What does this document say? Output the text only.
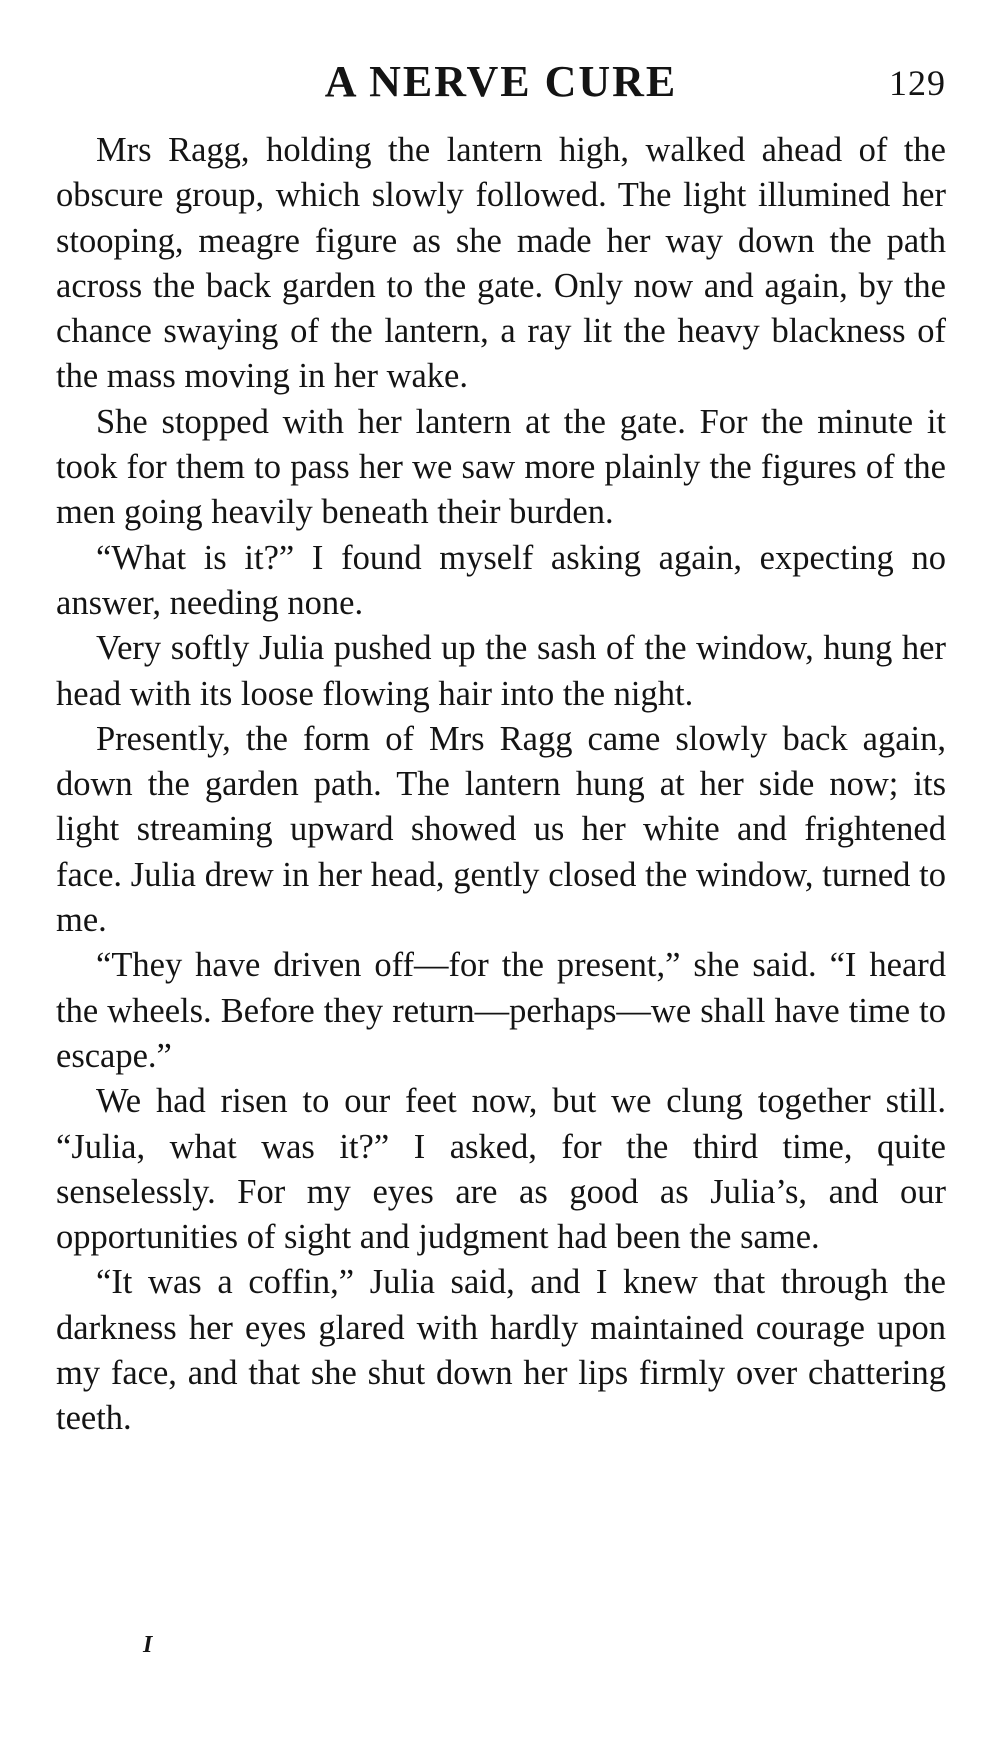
A NERVE CURE	129

Mrs Ragg, holding the lantern high, walked ahead of the obscure group, which slowly followed. The light illumined her stooping, meagre figure as she made her way down the path across the back garden to the gate. Only now and again, by the chance swaying of the lantern, a ray lit the heavy blackness of the mass moving in her wake.

She stopped with her lantern at the gate. For the minute it took for them to pass her we saw more plainly the figures of the men going heavily beneath their burden.

“What is it?” I found myself asking again, expecting no answer, needing none.

Very softly Julia pushed up the sash of the window, hung her head with its loose flowing hair into the night.

Presently, the form of Mrs Ragg came slowly back again, down the garden path. The lantern hung at her side now; its light streaming upward showed us her white and frightened face. Julia drew in her head, gently closed the window, turned to me.

“They have driven off—for the present,” she said. “I heard the wheels. Before they return—perhaps—we shall have time to escape.”

We had risen to our feet now, but we clung together still. “Julia, what was it?” I asked, for the third time, quite senselessly. For my eyes are as good as Julia’s, and our opportunities of sight and judgment had been the same.

“It was a coffin,” Julia said, and I knew that through the darkness her eyes glared with hardly maintained courage upon my face, and that she shut down her lips firmly over chattering teeth.

I
